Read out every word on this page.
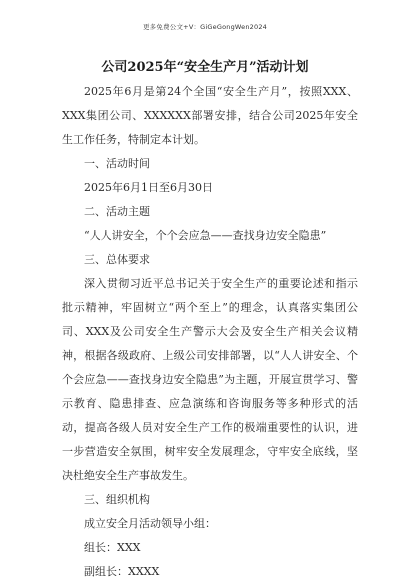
更多免费公文+V：GiGeGongWen2024
公司2025年“安全生产月”活动计划

2025年6月是第24个全国“安全生产月”，按照XXX、XXX集团公司、XXXXXX部署安排，结合公司2025年安全生工作任务，特制定本计划。

一、活动时间

2025年6月1日至6月30日

二、活动主题

“人人讲安全，个个会应急——查找身边安全隐患”

三、总体要求

深入贯彻习近平总书记关于安全生产的重要论述和指示批示精神，牢固树立“两个至上”的理念，认真落实集团公司、XXX及公司安全生产警示大会及安全生产相关会议精神，根据各级政府、上级公司安排部署，以“人人讲安全、个个会应急——查找身边安全隐患”为主题，开展宣贯学习、警示教育、隐患排查、应急演练和咨询服务等多种形式的活动，提高各级人员对安全生产工作的极端重要性的认识，进一步营造安全氛围，树牢安全发展理念，守牢安全底线，坚决杜绝安全生产事故发生。

三、组织机构

成立安全月活动领导小组：

组长：XXX

副组长：XXXX
